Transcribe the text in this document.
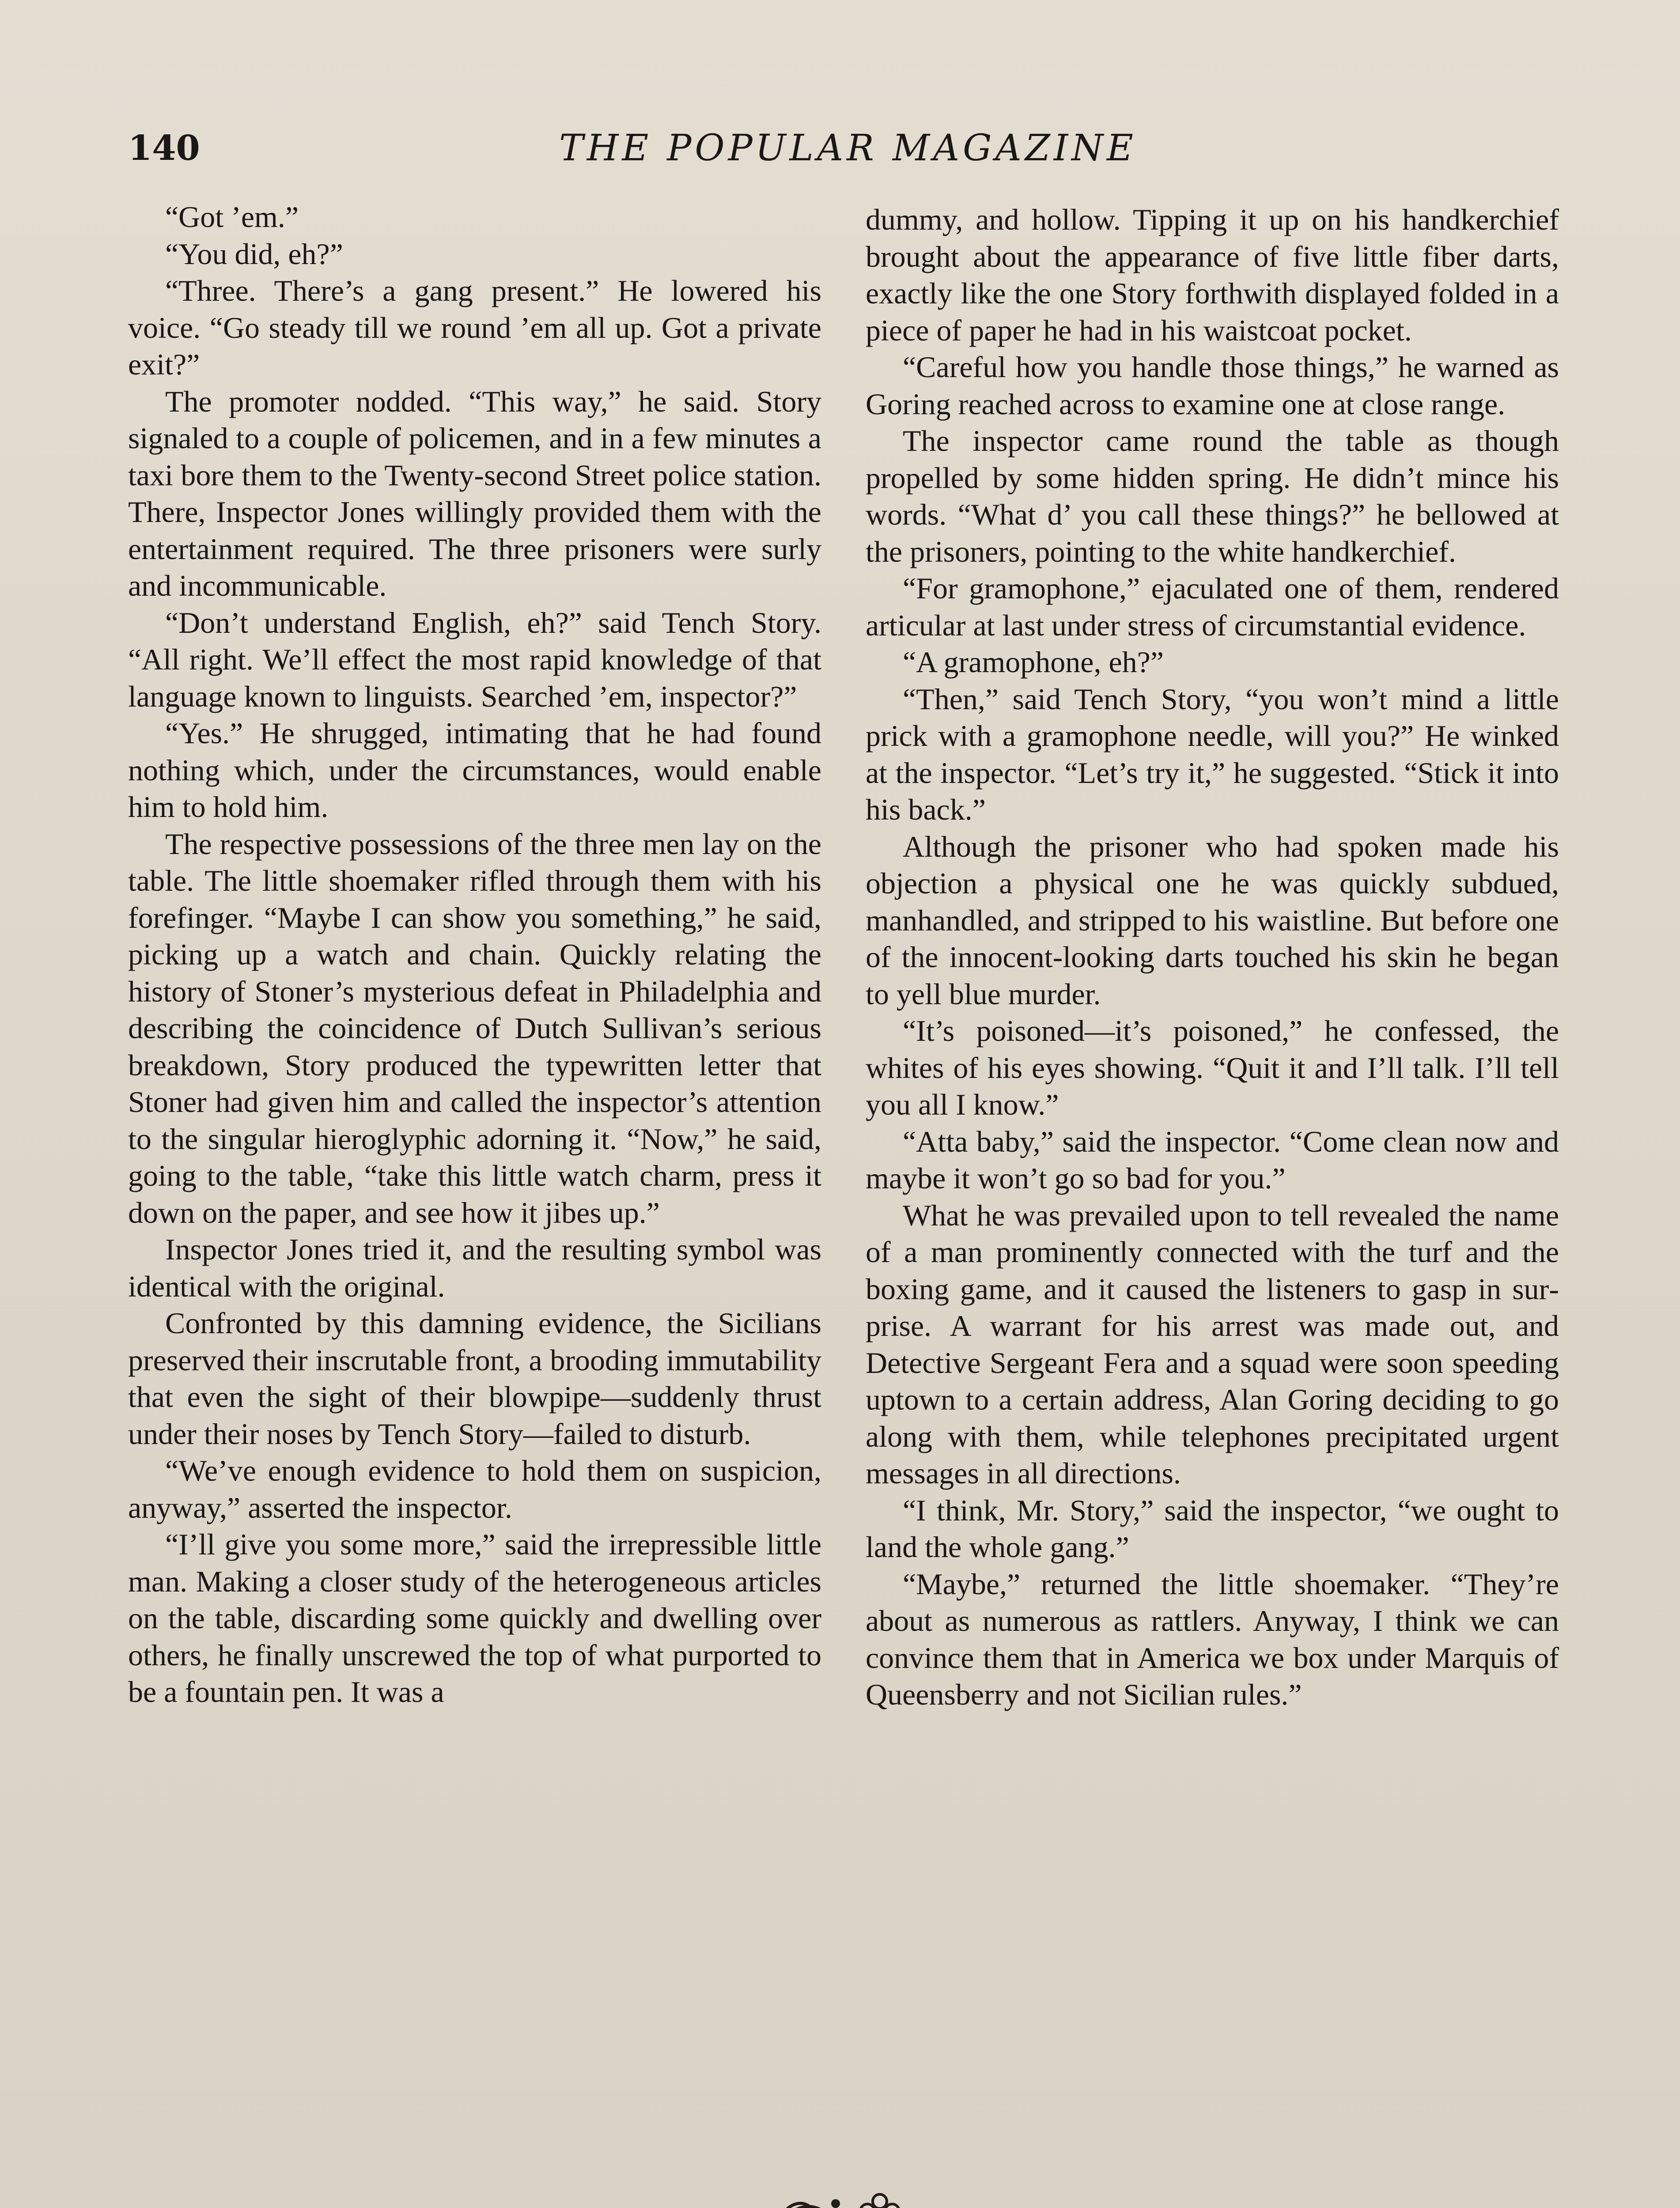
140	THE POPULAR MAGAZINE

“Got ’em.”

“You did, eh?”

“Three. There’s a gang present.” He lowered his voice. “Go steady till we round ’em all up. Got a private exit?”

The promoter nodded. “This way,” he said. Story signaled to a couple of policemen, and in a few minutes a taxi bore them to the Twenty-second Street police station. There, Inspector Jones willingly provided them with the entertainment required. The three prisoners were surly and incommunicable.

“Don’t understand English, eh?” said Tench Story. “All right. We’ll effect the most rapid knowledge of that language known to linguists. Searched ’em, inspector?”

“Yes.” He shrugged, intimating that he had found nothing which, under the circumstances, would enable him to hold him.

The respective possessions of the three men lay on the table. The little shoemaker rifled through them with his forefinger. “Maybe I can show you something,” he said, picking up a watch and chain. Quickly relating the history of Stoner’s mysterious defeat in Philadelphia and describing the coincidence of Dutch Sullivan’s serious breakdown, Story produced the typewritten letter that Stoner had given him and called the inspector’s attention to the singular hieroglyphic adorning it. “Now,” he said, going to the table, “take this little watch charm, press it down on the paper, and see how it jibes up.”

Inspector Jones tried it, and the resulting symbol was identical with the original.

Confronted by this damning evidence, the Sicilians preserved their inscrutable front, a brooding immutability that even the sight of their blowpipe—suddenly thrust under their noses by Tench Story—failed to disturb.

“We’ve enough evidence to hold them on suspicion, anyway,” asserted the inspector.

“I’ll give you some more,” said the irrepressible little man. Making a closer study of the heterogeneous articles on the table, discarding some quickly and dwelling over others, he finally unscrewed the top of what purported to be a fountain pen. It was a

dummy, and hollow. Tipping it up on his handkerchief brought about the appearance of five little fiber darts, exactly like the one Story forthwith displayed folded in a piece of paper he had in his waistcoat pocket.

“Careful how you handle those things,” he warned as Goring reached across to examine one at close range.

The inspector came round the table as though propelled by some hidden spring. He didn’t mince his words. “What d’ you call these things?” he bellowed at the prisoners, pointing to the white handkerchief.

“For gramophone,” ejaculated one of them, rendered articular at last under stress of circumstantial evidence.

“A gramophone, eh?”

“Then,” said Tench Story, “you won’t mind a little prick with a gramophone needle, will you?” He winked at the inspector. “Let’s try it,” he suggested. “Stick it into his back.”

Although the prisoner who had spoken made his objection a physical one he was quickly subdued, manhandled, and stripped to his waistline. But before one of the innocent-looking darts touched his skin he began to yell blue murder.

“It’s poisoned—it’s poisoned,” he confessed, the whites of his eyes showing. “Quit it and I’ll talk. I’ll tell you all I know.”

“Atta baby,” said the inspector. “Come clean now and maybe it won’t go so bad for you.”

What he was prevailed upon to tell revealed the name of a man prominently connected with the turf and the boxing game, and it caused the listeners to gasp in surprise. A warrant for his arrest was made out, and Detective Sergeant Fera and a squad were soon speeding uptown to a certain address, Alan Goring deciding to go along with them, while telephones precipitated urgent messages in all directions.

“I think, Mr. Story,” said the inspector, “we ought to land the whole gang.”

“Maybe,” returned the little shoemaker. “They’re about as numerous as rattlers. Anyway, I think we can convince them that in America we box under Marquis of Queensberry and not Sicilian rules.”
